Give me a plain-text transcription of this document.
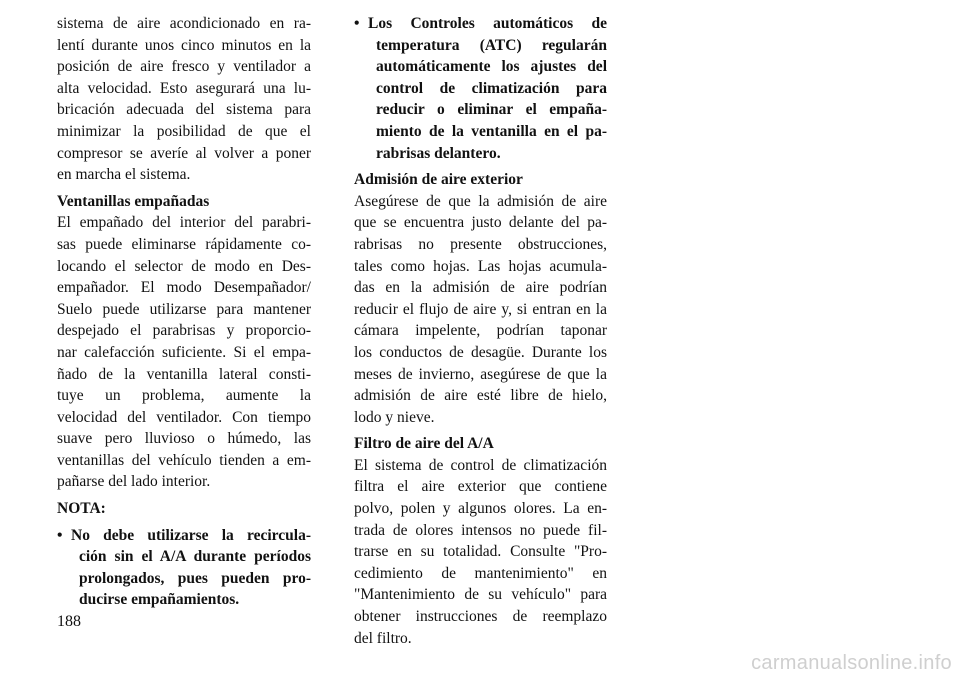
sistema de aire acondicionado en ra-
lentí durante unos cinco minutos en la
posición de aire fresco y ventilador a
alta velocidad. Esto asegurará una lu-
bricación adecuada del sistema para
minimizar la posibilidad de que el
compresor se averíe al volver a poner
en marcha el sistema.
Ventanillas empañadas
El empañado del interior del parabri-
sas puede eliminarse rápidamente co-
locando el selector de modo en Des-
empañador. El modo Desempañador/
Suelo puede utilizarse para mantener
despejado el parabrisas y proporcio-
nar calefacción suficiente. Si el empa-
ñado de la ventanilla lateral consti-
tuye un problema, aumente la
velocidad del ventilador. Con tiempo
suave pero lluvioso o húmedo, las
ventanillas del vehículo tienden a em-
pañarse del lado interior.
NOTA:
• No debe utilizarse la recircula-
ción sin el A/A durante períodos
prolongados, pues pueden pro-
ducirse empañamientos.
• Los Controles automáticos de
temperatura (ATC) regularán
automáticamente los ajustes del
control de climatización para
reducir o eliminar el empaña-
miento de la ventanilla en el pa-
rabrisas delantero.
Admisión de aire exterior
Asegúrese de que la admisión de aire
que se encuentra justo delante del pa-
rabrisas no presente obstrucciones,
tales como hojas. Las hojas acumula-
das en la admisión de aire podrían
reducir el flujo de aire y, si entran en la
cámara impelente, podrían taponar
los conductos de desagüe. Durante los
meses de invierno, asegúrese de que la
admisión de aire esté libre de hielo,
lodo y nieve.
Filtro de aire del A/A
El sistema de control de climatización
filtra el aire exterior que contiene
polvo, polen y algunos olores. La en-
trada de olores intensos no puede fil-
trarse en su totalidad. Consulte "Pro-
cedimiento de mantenimiento" en
"Mantenimiento de su vehículo" para
obtener instrucciones de reemplazo
del filtro.
188
carmanualsonline.info
